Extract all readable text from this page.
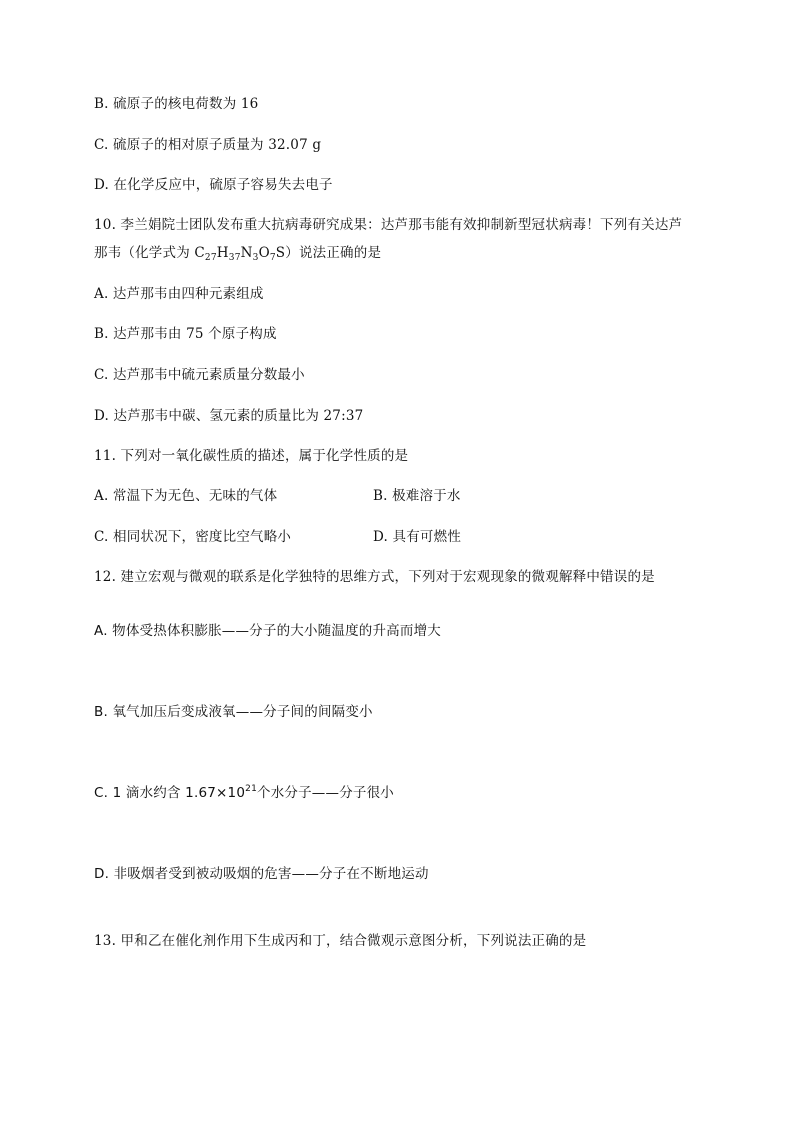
B. 硫原子的核电荷数为 16
C. 硫原子的相对原子质量为 32.07 g
D. 在化学反应中，硫原子容易失去电子
10. 李兰娟院士团队发布重大抗病毒研究成果：达芦那韦能有效抑制新型冠状病毒！下列有关达芦
那韦（化学式为 $C_{27}H_{37}N_3O_7S$）说法正确的是
A. 达芦那韦由四种元素组成
B. 达芦那韦由 75 个原子构成
C. 达芦那韦中硫元素质量分数最小
D. 达芦那韦中碳、氢元素的质量比为 27:37
11. 下列对一氧化碳性质的描述，属于化学性质的是
A. 常温下为无色、无味的气体	B. 极难溶于水
C. 相同状况下，密度比空气略小	D. 具有可燃性
12. 建立宏观与微观的联系是化学独特的思维方式，下列对于宏观现象的微观解释中错误的是
A. 物体受热体积膨胀——分子的大小随温度的升高而增大
B. 氧气加压后变成液氧——分子间的间隔变小
C. 1 滴水约含 $1.67\times 10^{21}$个水分子——分子很小
D. 非吸烟者受到被动吸烟的危害——分子在不断地运动
13. 甲和乙在催化剂作用下生成丙和丁，结合微观示意图分析，下列说法正确的是
